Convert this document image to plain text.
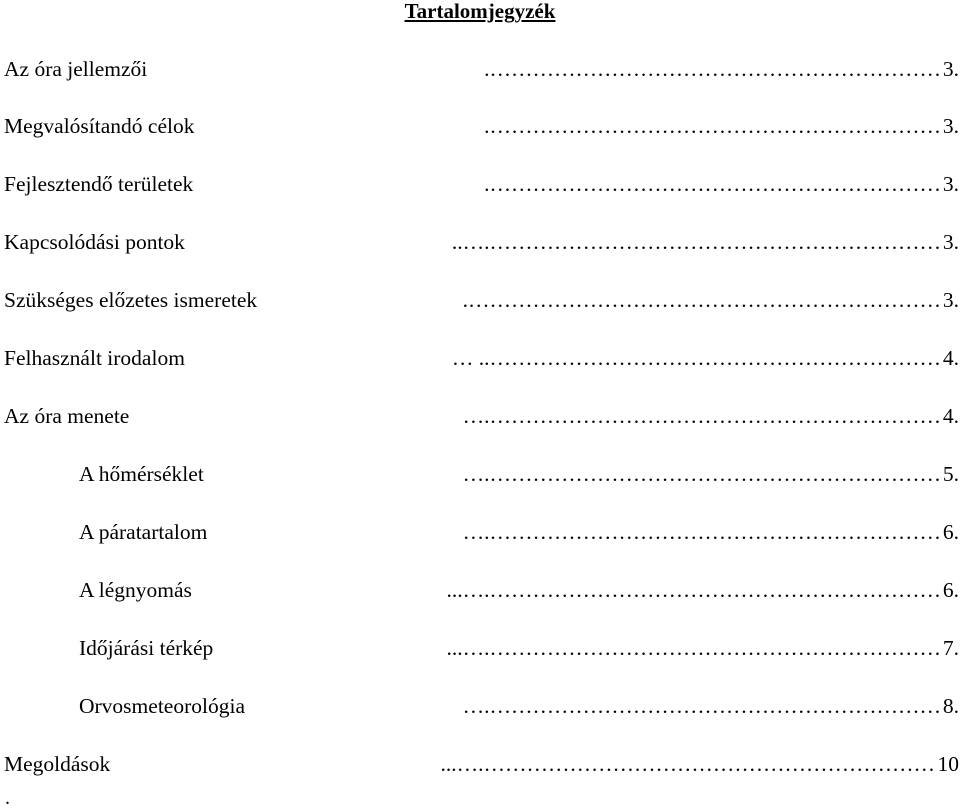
Tartalomjegyzék
Az óra jellemzői	………………………………………………………. 3.
Megvalósítandó célok	3.
……………………………………………………….
Fejlesztendő területek	3.
……………………………………………………….
Kapcsolódási pontok	3.
……………………………………………………….…..
Szükséges előzetes ismeretek	3.
………………………………………………………….
Felhasznált irodalom	4.
……………………………………………………….. …
Az óra menete	4.
……………………………………………………….…
A hőmérséklet	5.
……………………………………………………….…
A páratartalom	6.
……………………………………………………….…
A légnyomás	6.
……………………………………………………….…...
Időjárási térkép	7.
……………………………………………………….…...
Orvosmeteorológia	8.
……………………………………………………….…
Megoldások	10
……………………………………………………….…...
.
